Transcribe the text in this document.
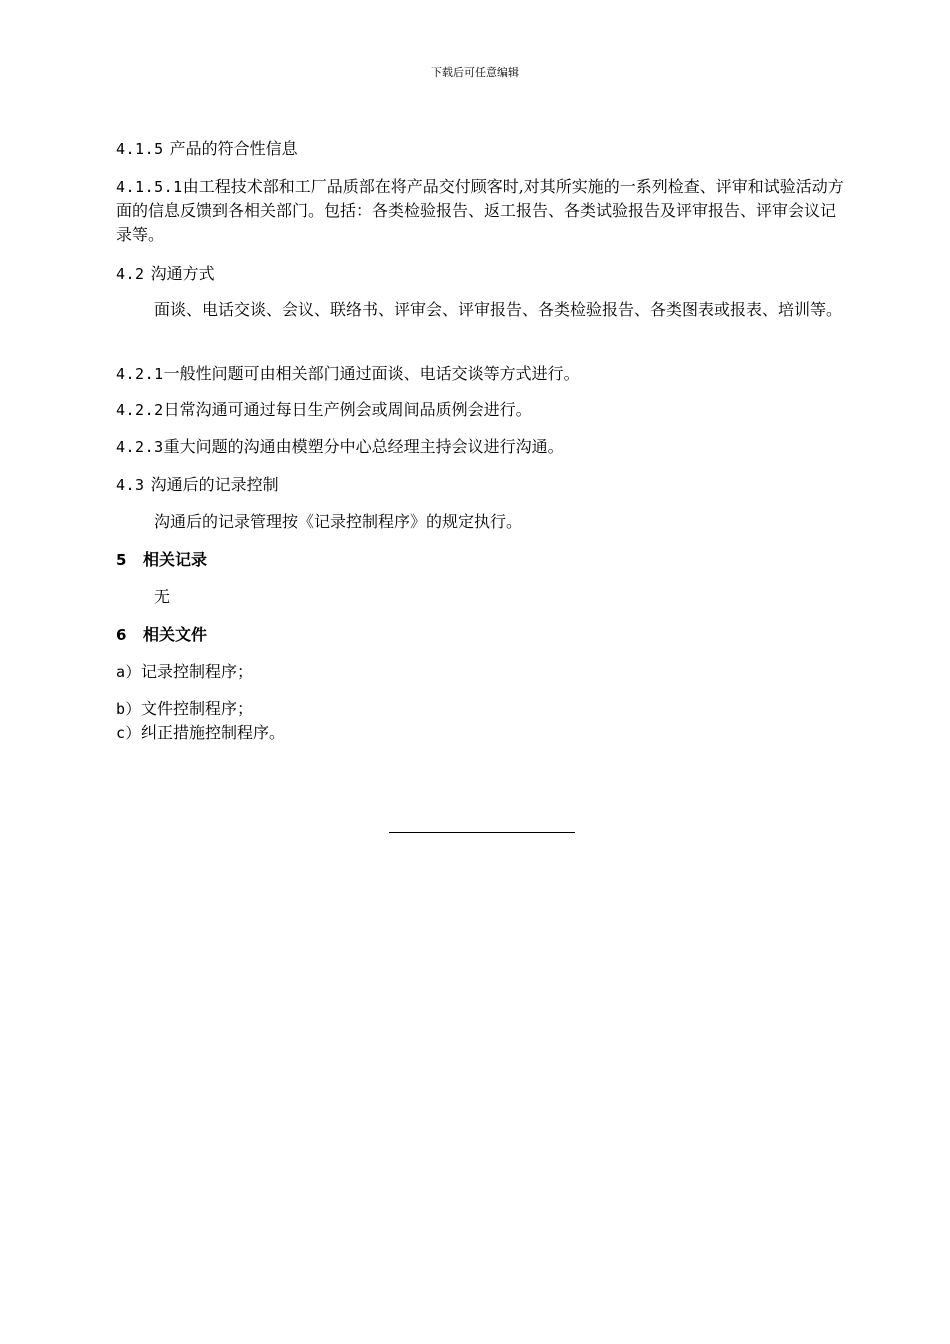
下载后可任意编辑

4.1.5 产品的符合性信息

4.1.5.1由工程技术部和工厂品质部在将产品交付顾客时,对其所实施的一系列检查、评审和试验活动方面的信息反馈到各相关部门。包括：各类检验报告、返工报告、各类试验报告及评审报告、评审会议记录等。

4.2 沟通方式

面谈、电话交谈、会议、联络书、评审会、评审报告、各类检验报告、各类图表或报表、培训等。

4.2.1一般性问题可由相关部门通过面谈、电话交谈等方式进行。

4.2.2日常沟通可通过每日生产例会或周间品质例会进行。

4.2.3重大问题的沟通由模塑分中心总经理主持会议进行沟通。

4.3 沟通后的记录控制

沟通后的记录管理按《记录控制程序》的规定执行。

5 相关记录

无

6 相关文件

a）记录控制程序；

b）文件控制程序；

c）纠正措施控制程序。
